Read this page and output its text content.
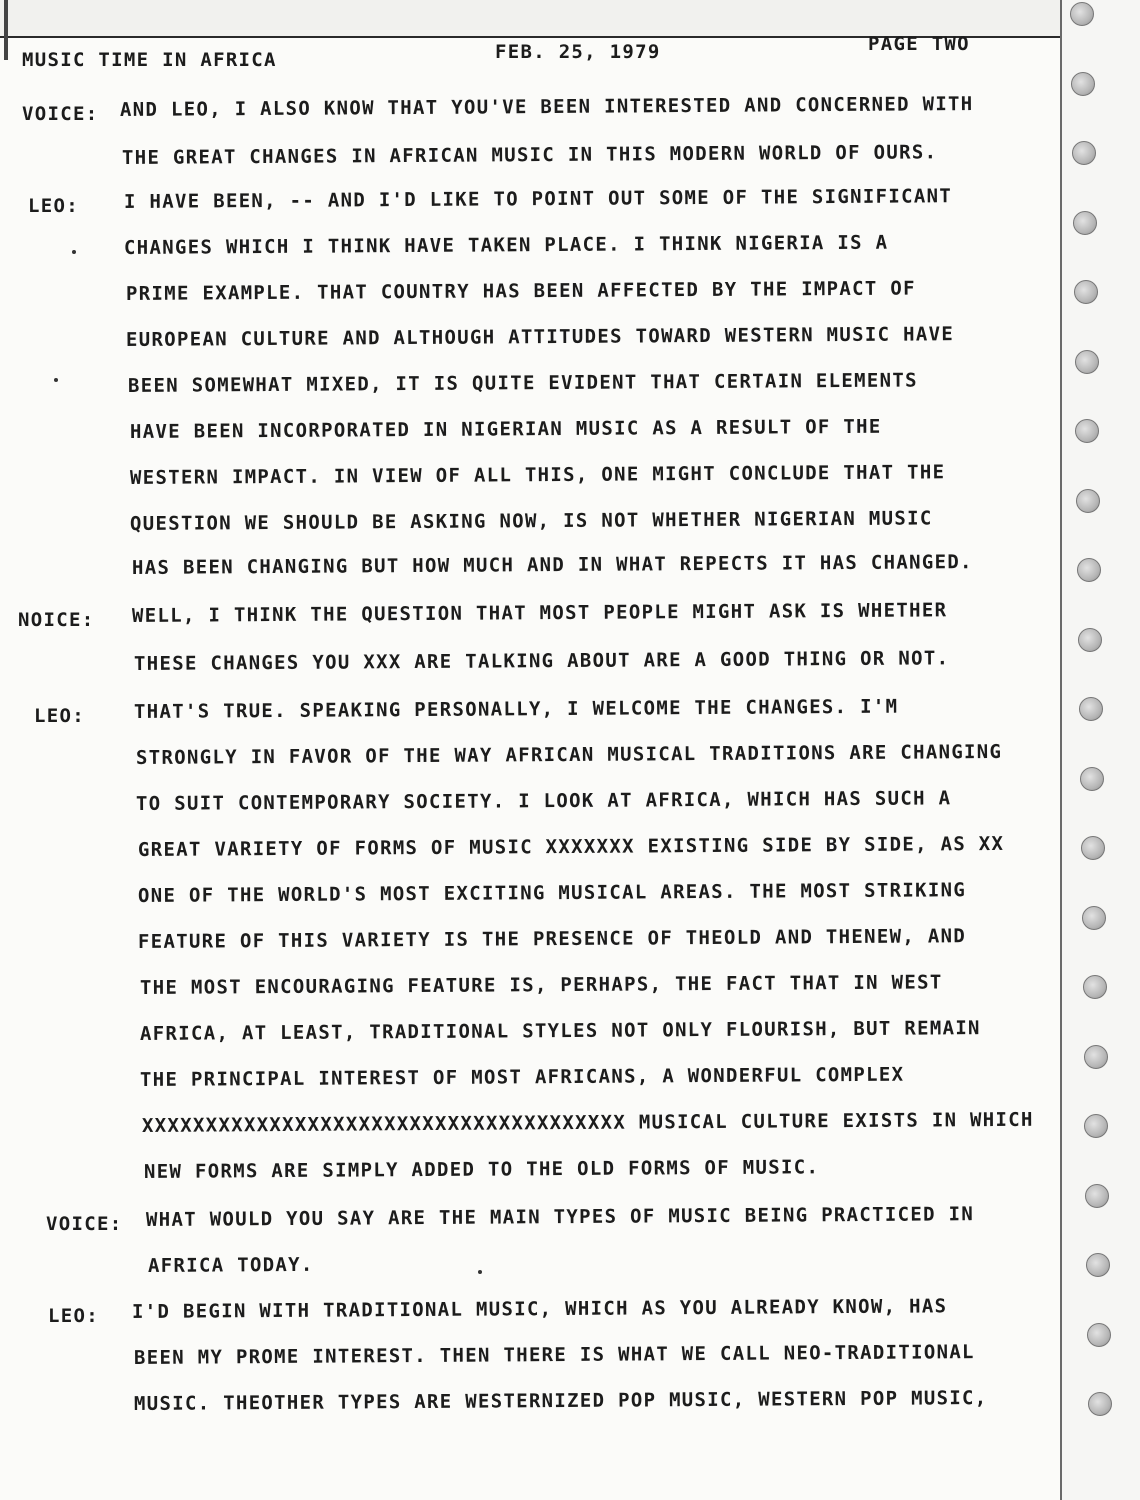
MUSIC TIME IN AFRICA	FEB. 25, 1979	PAGE TWO
VOICE: AND LEO, I ALSO KNOW THAT YOU'VE BEEN INTERESTED AND CONCERNED WITH
THE GREAT CHANGES IN AFRICAN MUSIC IN THIS MODERN WORLD OF OURS.
LEO: I HAVE BEEN, -- AND I'D LIKE TO POINT OUT SOME OF THE SIGNIFICANT
CHANGES WHICH I THINK HAVE TAKEN PLACE. I THINK NIGERIA IS A
PRIME EXAMPLE. THAT COUNTRY HAS BEEN AFFECTED BY THE IMPACT OF
EUROPEAN CULTURE AND ALTHOUGH ATTITUDES TOWARD WESTERN MUSIC HAVE
BEEN SOMEWHAT MIXED, IT IS QUITE EVIDENT THAT CERTAIN ELEMENTS
HAVE BEEN INCORPORATED IN NIGERIAN MUSIC AS A RESULT OF THE
WESTERN IMPACT. IN VIEW OF ALL THIS, ONE MIGHT CONCLUDE THAT THE
QUESTION WE SHOULD BE ASKING NOW, IS NOT WHETHER NIGERIAN MUSIC
HAS BEEN CHANGING BUT HOW MUCH AND IN WHAT REPECTS IT HAS CHANGED.
NOICE: WELL, I THINK THE QUESTION THAT MOST PEOPLE MIGHT ASK IS WHETHER
THESE CHANGES YOU XXX ARE TALKING ABOUT ARE A GOOD THING OR NOT.
LEO:	THAT'S TRUE. SPEAKING PERSONALLY, I WELCOME THE CHANGES. I'M
STRONGLY IN FAVOR OF THE WAY AFRICAN MUSICAL TRADITIONS ARE CHANGING
TO SUIT CONTEMPORARY SOCIETY. I LOOK AT AFRICA, WHICH HAS SUCH A
GREAT VARIETY OF FORMS OF MUSIC XXXXXXX EXISTING SIDE BY SIDE, AS XX
ONE OF THE WORLD'S MOST EXCITING MUSICAL AREAS. THE MOST STRIKING
FEATURE OF THIS VARIETY IS THE PRESENCE OF THEOLD AND THENEW, AND
THE MOST ENCOURAGING FEATURE IS, PERHAPS, THE FACT THAT IN WEST
AFRICA, AT LEAST, TRADITIONAL STYLES NOT ONLY FLOURISH, BUT REMAIN
THE PRINCIPAL INTEREST OF MOST AFRICANS, A WONDERFUL COMPLEX
XXXXXXXXXXXXXXXXXXXXXXXXXXXXXXXXXXXXXX MUSICAL CULTURE EXISTS IN WHICH
NEW FORMS ARE SIMPLY ADDED TO THE OLD FORMS OF MUSIC.
VOICE: WHAT WOULD YOU SAY ARE THE MAIN TYPES OF MUSIC BEING PRACTICED IN
AFRICA TODAY.
LEO: I'D BEGIN WITH TRADITIONAL MUSIC, WHICH AS YOU ALREADY KNOW, HAS
BEEN MY PROME INTEREST. THEN THERE IS WHAT WE CALL NEO-TRADITIONAL
MUSIC. THEOTHER TYPES ARE WESTERNIZED POP MUSIC, WESTERN POP MUSIC,
